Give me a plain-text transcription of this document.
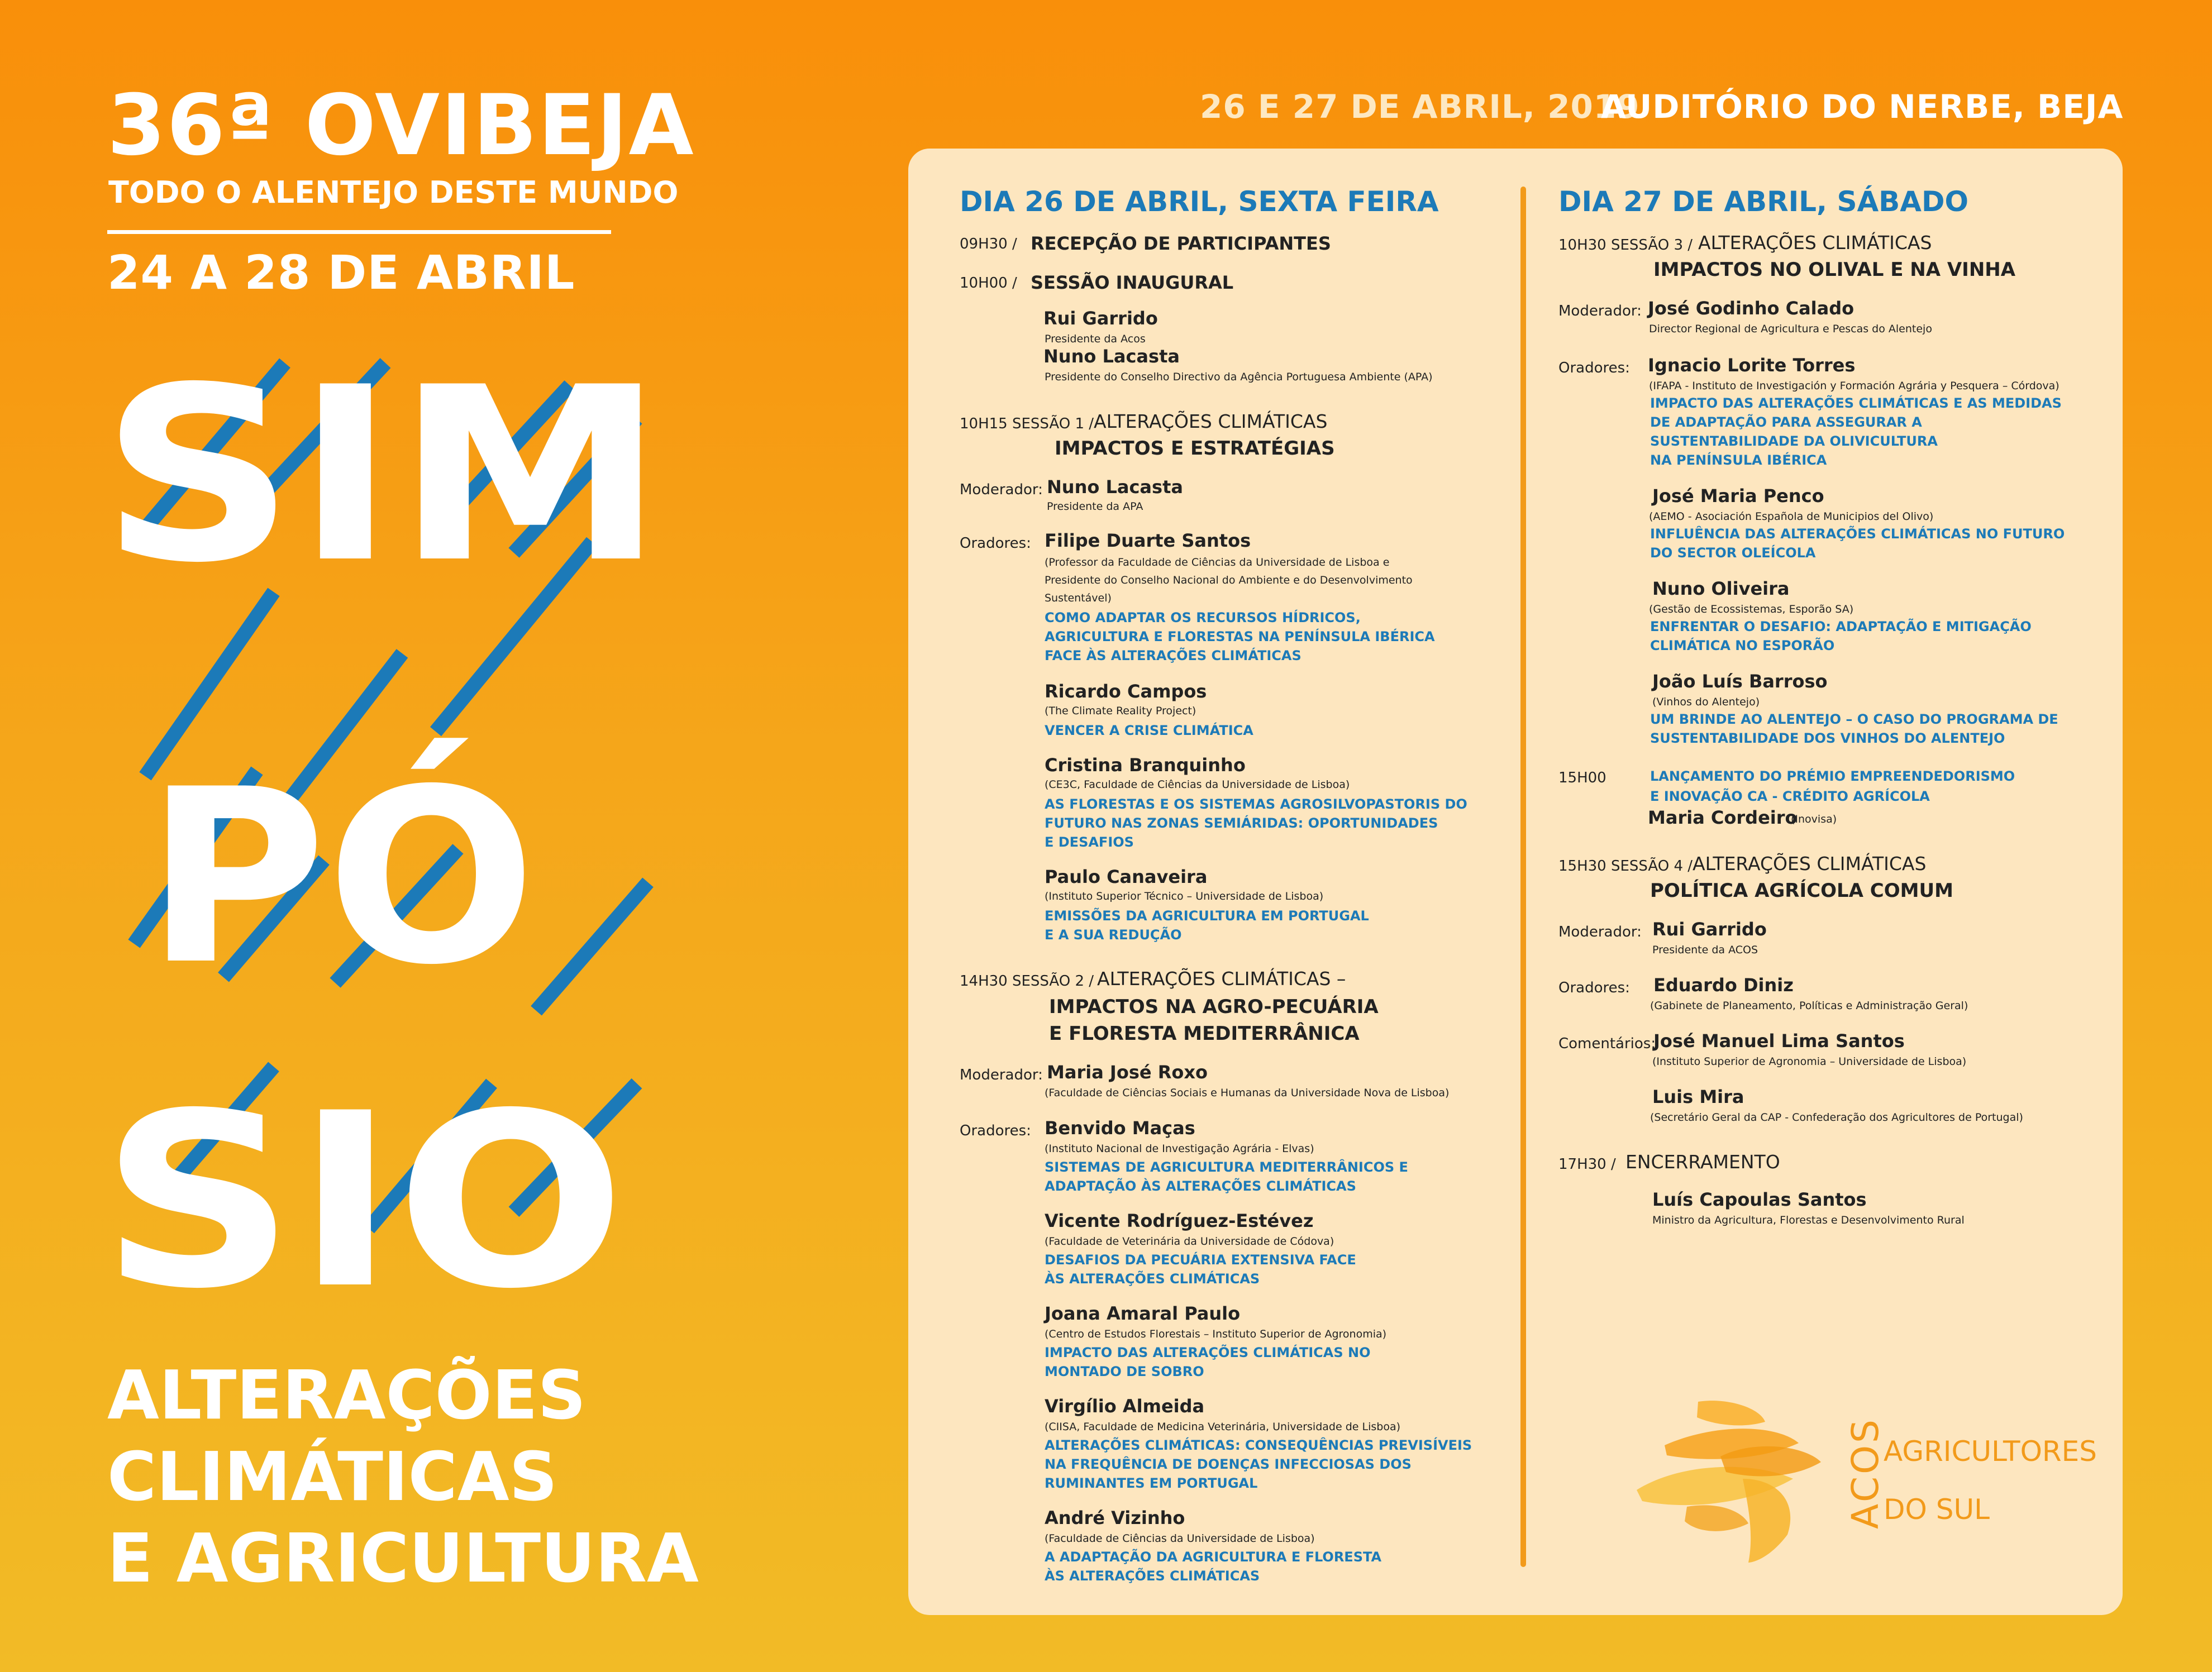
36ª OVIBEJA
TODO O ALENTEJO DESTE MUNDO
24 A 28 DE ABRIL
SIM
PÓ
SIO
ALTERAÇÕES
CLIMÁTICAS
E AGRICULTURA
26 E 27 DE ABRIL, 2019
AUDITÓRIO DO NERBE, BEJA
DIA 26 DE ABRIL, SEXTA FEIRA
09H30 / RECEPÇÃO DE PARTICIPANTES
10H00 / SESSÃO INAUGURAL
Rui Garrido
Presidente da Acos
Nuno Lacasta
Presidente do Conselho Directivo da Agência Portuguesa Ambiente (APA)
10H15 SESSÃO 1 / ALTERAÇÕES CLIMÁTICAS
IMPACTOS E ESTRATÉGIAS
Moderador: Nuno Lacasta
Presidente da APA
Oradores: Filipe Duarte Santos
(Professor da Faculdade de Ciências da Universidade de Lisboa e
Presidente do Conselho Nacional do Ambiente e do Desenvolvimento
Sustentável)
COMO ADAPTAR OS RECURSOS HÍDRICOS,
AGRICULTURA E FLORESTAS NA PENÍNSULA IBÉRICA
FACE ÀS ALTERAÇÕES CLIMÁTICAS
Ricardo Campos
(The Climate Reality Project)
VENCER A CRISE CLIMÁTICA
Cristina Branquinho
(CE3C, Faculdade de Ciências da Universidade de Lisboa)
AS FLORESTAS E OS SISTEMAS AGROSILVOPASTORIS DO
FUTURO NAS ZONAS SEMIÁRIDAS: OPORTUNIDADES
E DESAFIOS
Paulo Canaveira
(Instituto Superior Técnico – Universidade de Lisboa)
EMISSÕES DA AGRICULTURA EM PORTUGAL
E A SUA REDUÇÃO
14H30 SESSÃO 2 / ALTERAÇÕES CLIMÁTICAS –
IMPACTOS NA AGRO-PECUÁRIA
E FLORESTA MEDITERRÂNICA
Moderador: Maria José Roxo
(Faculdade de Ciências Sociais e Humanas da Universidade Nova de Lisboa)
Oradores: Benvido Maças
(Instituto Nacional de Investigação Agrária - Elvas)
SISTEMAS DE AGRICULTURA MEDITERRÂNICOS E
ADAPTAÇÃO ÀS ALTERAÇÕES CLIMÁTICAS
Vicente Rodríguez-Estévez
(Faculdade de Veterinária da Universidade de Códova)
DESAFIOS DA PECUÁRIA EXTENSIVA FACE
ÀS ALTERAÇÕES CLIMÁTICAS
Joana Amaral Paulo
(Centro de Estudos Florestais – Instituto Superior de Agronomia)
IMPACTO DAS ALTERAÇÕES CLIMÁTICAS NO
MONTADO DE SOBRO
Virgílio Almeida
(CIISA, Faculdade de Medicina Veterinária, Universidade de Lisboa)
ALTERAÇÕES CLIMÁTICAS: CONSEQUÊNCIAS PREVISÍVEIS
NA FREQUÊNCIA DE DOENÇAS INFECCIOSAS DOS
RUMINANTES EM PORTUGAL
André Vizinho
(Faculdade de Ciências da Universidade de Lisboa)
A ADAPTAÇÃO DA AGRICULTURA E FLORESTA
ÀS ALTERAÇÕES CLIMÁTICAS
DIA 27 DE ABRIL, SÁBADO
10H30 SESSÃO 3 / ALTERAÇÕES CLIMÁTICAS
IMPACTOS NO OLIVAL E NA VINHA
Moderador: José Godinho Calado
Director Regional de Agricultura e Pescas do Alentejo
Oradores: Ignacio Lorite Torres
(IFAPA - Instituto de Investigación y Formación Agrária y Pesquera – Córdova)
IMPACTO DAS ALTERAÇÕES CLIMÁTICAS E AS MEDIDAS
DE ADAPTAÇÃO PARA ASSEGURAR A
SUSTENTABILIDADE DA OLIVICULTURA
NA PENÍNSULA IBÉRICA
José Maria Penco
(AEMO - Asociación Española de Municipios del Olivo)
INFLUÊNCIA DAS ALTERAÇÕES CLIMÁTICAS NO FUTURO
DO SECTOR OLEÍCOLA
Nuno Oliveira
(Gestão de Ecossistemas, Esporão SA)
ENFRENTAR O DESAFIO: ADAPTAÇÃO E MITIGAÇÃO
CLIMÁTICA NO ESPORÃO
João Luís Barroso
(Vinhos do Alentejo)
UM BRINDE AO ALENTEJO – O CASO DO PROGRAMA DE
SUSTENTABILIDADE DOS VINHOS DO ALENTEJO
15H00	LANÇAMENTO DO PRÉMIO EMPREENDEDORISMO
E INOVAÇÃO CA - CRÉDITO AGRÍCOLA
Maria Cordeiro
(Inovisa)
15H30 SESSÃO 4 / ALTERAÇÕES CLIMÁTICAS
POLÍTICA AGRÍCOLA COMUM
Moderador: Rui Garrido
Presidente da ACOS
Oradores: Eduardo Diniz
(Gabinete de Planeamento, Políticas e Administração Geral)
Comentários:
José Manuel Lima Santos
(Instituto Superior de Agronomia – Universidade de Lisboa)
Luis Mira
(Secretário Geral da CAP - Confederação dos Agricultores de Portugal)
17H30 / ENCERRAMENTO
Luís Capoulas Santos
Ministro da Agricultura, Florestas e Desenvolvimento Rural
ACOS
AGRICULTORES
DO SUL
